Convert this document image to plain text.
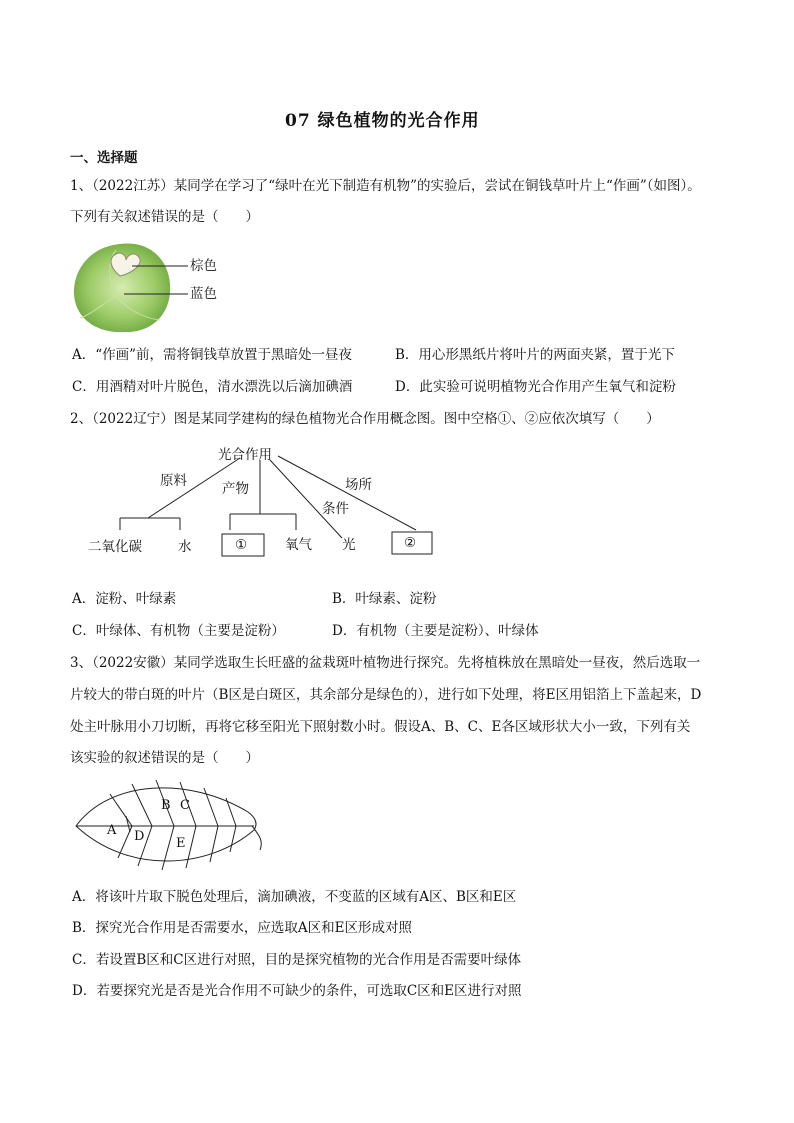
07 绿色植物的光合作用
一、选择题
1、（2022江苏）某同学在学习了“绿叶在光下制造有机物”的实验后，尝试在铜钱草叶片上“作画”（如图）。
下列有关叙述错误的是（　　）
棕色
蓝色
A．“作画”前，需将铜钱草放置于黑暗处一昼夜	B．用心形黑纸片将叶片的两面夹紧，置于光下
C．用酒精对叶片脱色，清水漂洗以后滴加碘酒	D．此实验可说明植物光合作用产生氧气和淀粉
2、（2022辽宁）图是某同学建构的绿色植物光合作用概念图。图中空格①、②应依次填写（　　）
光合作用
原料	产物
条件
场所
二氧化碳	水	①	氧气 光	②
A．淀粉、叶绿素	B．叶绿素、淀粉
C．叶绿体、有机物（主要是淀粉）	D．有机物（主要是淀粉）、叶绿体
3、（2022安徽）某同学选取生长旺盛的盆栽斑叶植物进行探究。先将植株放在黑暗处一昼夜，然后选取一
片较大的带白斑的叶片（B区是白斑区，其余部分是绿色的），进行如下处理，将E区用铝箔上下盖起来，D
处主叶脉用小刀切断，再将它移至阳光下照射数小时。假设A、B、C、E各区域形状大小一致，下列有关
该实验的叙述错误的是（　　）
B C
A D E
A．将该叶片取下脱色处理后，滴加碘液，不变蓝的区域有A区、B区和E区
B．探究光合作用是否需要水，应选取A区和E区形成对照
C．若设置B区和C区进行对照，目的是探究植物的光合作用是否需要叶绿体
D．若要探究光是否是光合作用不可缺少的条件，可选取C区和E区进行对照
